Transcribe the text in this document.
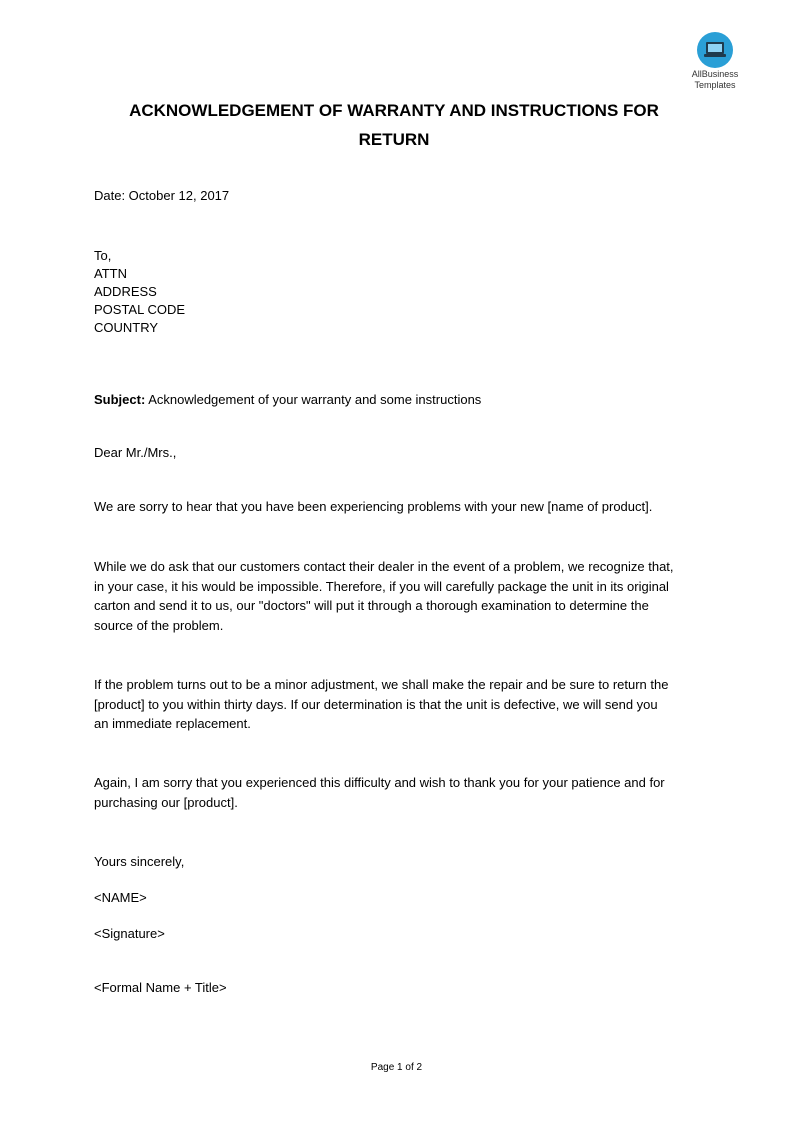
AllBusiness
Templates
ACKNOWLEDGEMENT OF WARRANTY AND INSTRUCTIONS FOR
RETURN
Date: October 12, 2017
To,
ATTN
ADDRESS
POSTAL CODE
COUNTRY
Subject: Acknowledgement of your warranty and some instructions
Dear Mr./Mrs.,
We are sorry to hear that you have been experiencing problems with your new [name of product].
While we do ask that our customers contact their dealer in the event of a problem, we recognize that,
in your case, it his would be impossible. Therefore, if you will carefully package the unit in its original
carton and send it to us, our "doctors" will put it through a thorough examination to determine the
source of the problem.
If the problem turns out to be a minor adjustment, we shall make the repair and be sure to return the
[product] to you within thirty days. If our determination is that the unit is defective, we will send you
an immediate replacement.
Again, I am sorry that you experienced this difficulty and wish to thank you for your patience and for
purchasing our [product].
Yours sincerely,
<NAME>
<Signature>
<Formal Name + Title>
Page 1 of 2
